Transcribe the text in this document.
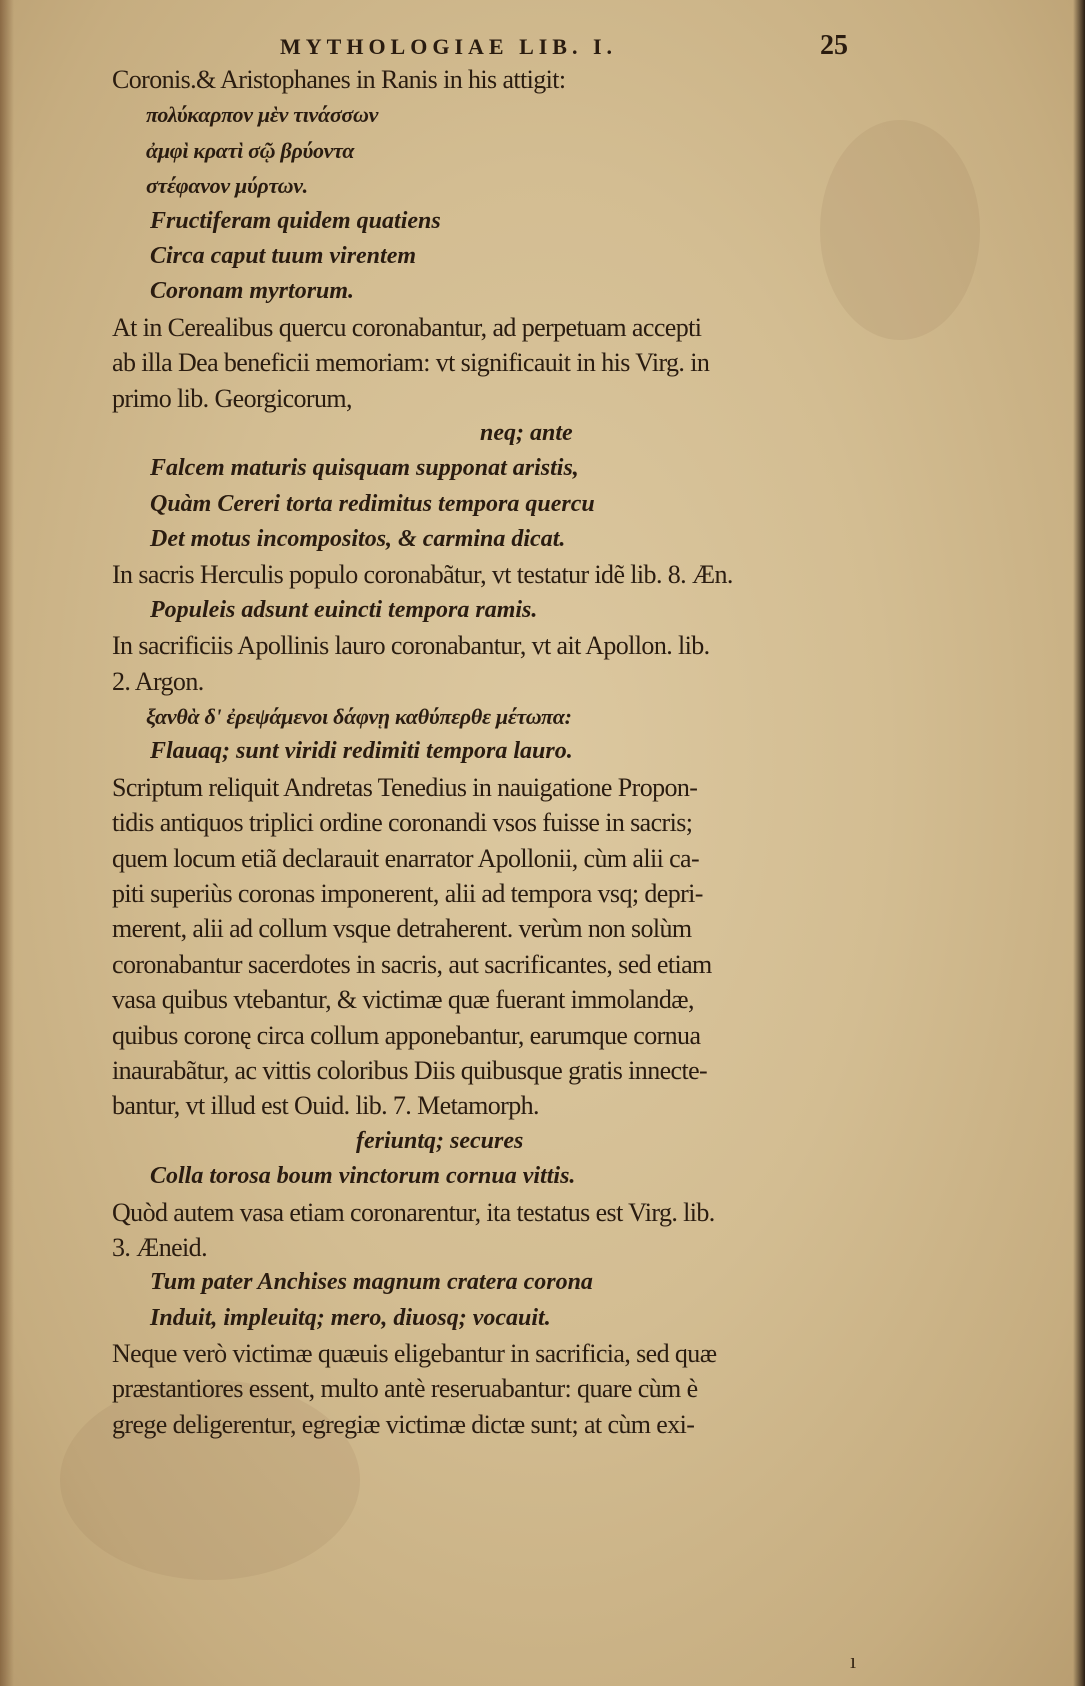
MYTHOLOGIAE LIB. I.	25
Coronis.& Aristophanes in Ranis in his attigit:
πολύκαρπον μὲν τινάσσων
ἀμφὶ κρατὶ σῷ βρύοντα
στέφανον μύρτων.
Fructiferam quidem quatiens
Circa caput tuum virentem
Coronam myrtorum.
At in Cerealibus quercu coronabantur, ad perpetuam accepti
ab illa Dea beneficii memoriam: vt significauit in his Virg. in
primo lib. Georgicorum,
neq; ante
Falcem maturis quisquam supponat aristis,
Quàm Cereri torta redimitus tempora quercu
Det motus incompositos, & carmina dicat.
In sacris Herculis populo coronabãtur, vt testatur idẽ lib. 8. Æn.
Populeis adsunt euincti tempora ramis.
In sacrificiis Apollinis lauro coronabantur, vt ait Apollon. lib.
2. Argon.
ξανθὰ δ' ἐρεψάμενοι δάφνῃ καθύπερθε μέτωπα:
Flauaq; sunt viridi redimiti tempora lauro.
Scriptum reliquit Andretas Tenedius in nauigatione Propon-
tidis antiquos triplici ordine coronandi vsos fuisse in sacris;
quem locum etiã declarauit enarrator Apollonii, cùm alii ca-
piti superiùs coronas imponerent, alii ad tempora vsq; depri-
merent, alii ad collum vsque detraherent. verùm non solùm
coronabantur sacerdotes in sacris, aut sacrificantes, sed etiam
vasa quibus vtebantur, & victimæ quæ fuerant immolandæ,
quibus coronę circa collum apponebantur, earumque cornua
inaurabãtur, ac vittis coloribus Diis quibusque gratis innecte-
bantur, vt illud est Ouid. lib. 7. Metamorph.
feriuntq; secures
Colla torosa boum vinctorum cornua vittis.
Quòd autem vasa etiam coronarentur, ita testatus est Virg. lib.
3. Æneid.
Tum pater Anchises magnum cratera corona
Induit, impleuitq; mero, diuosq; vocauit.
Neque verò victimæ quæuis eligebantur in sacrificia, sed quæ
præstantiores essent, multo antè reseruabantur: quare cùm è
grege deligerentur, egregiæ victimæ dictæ sunt; at cùm exi-
ı
